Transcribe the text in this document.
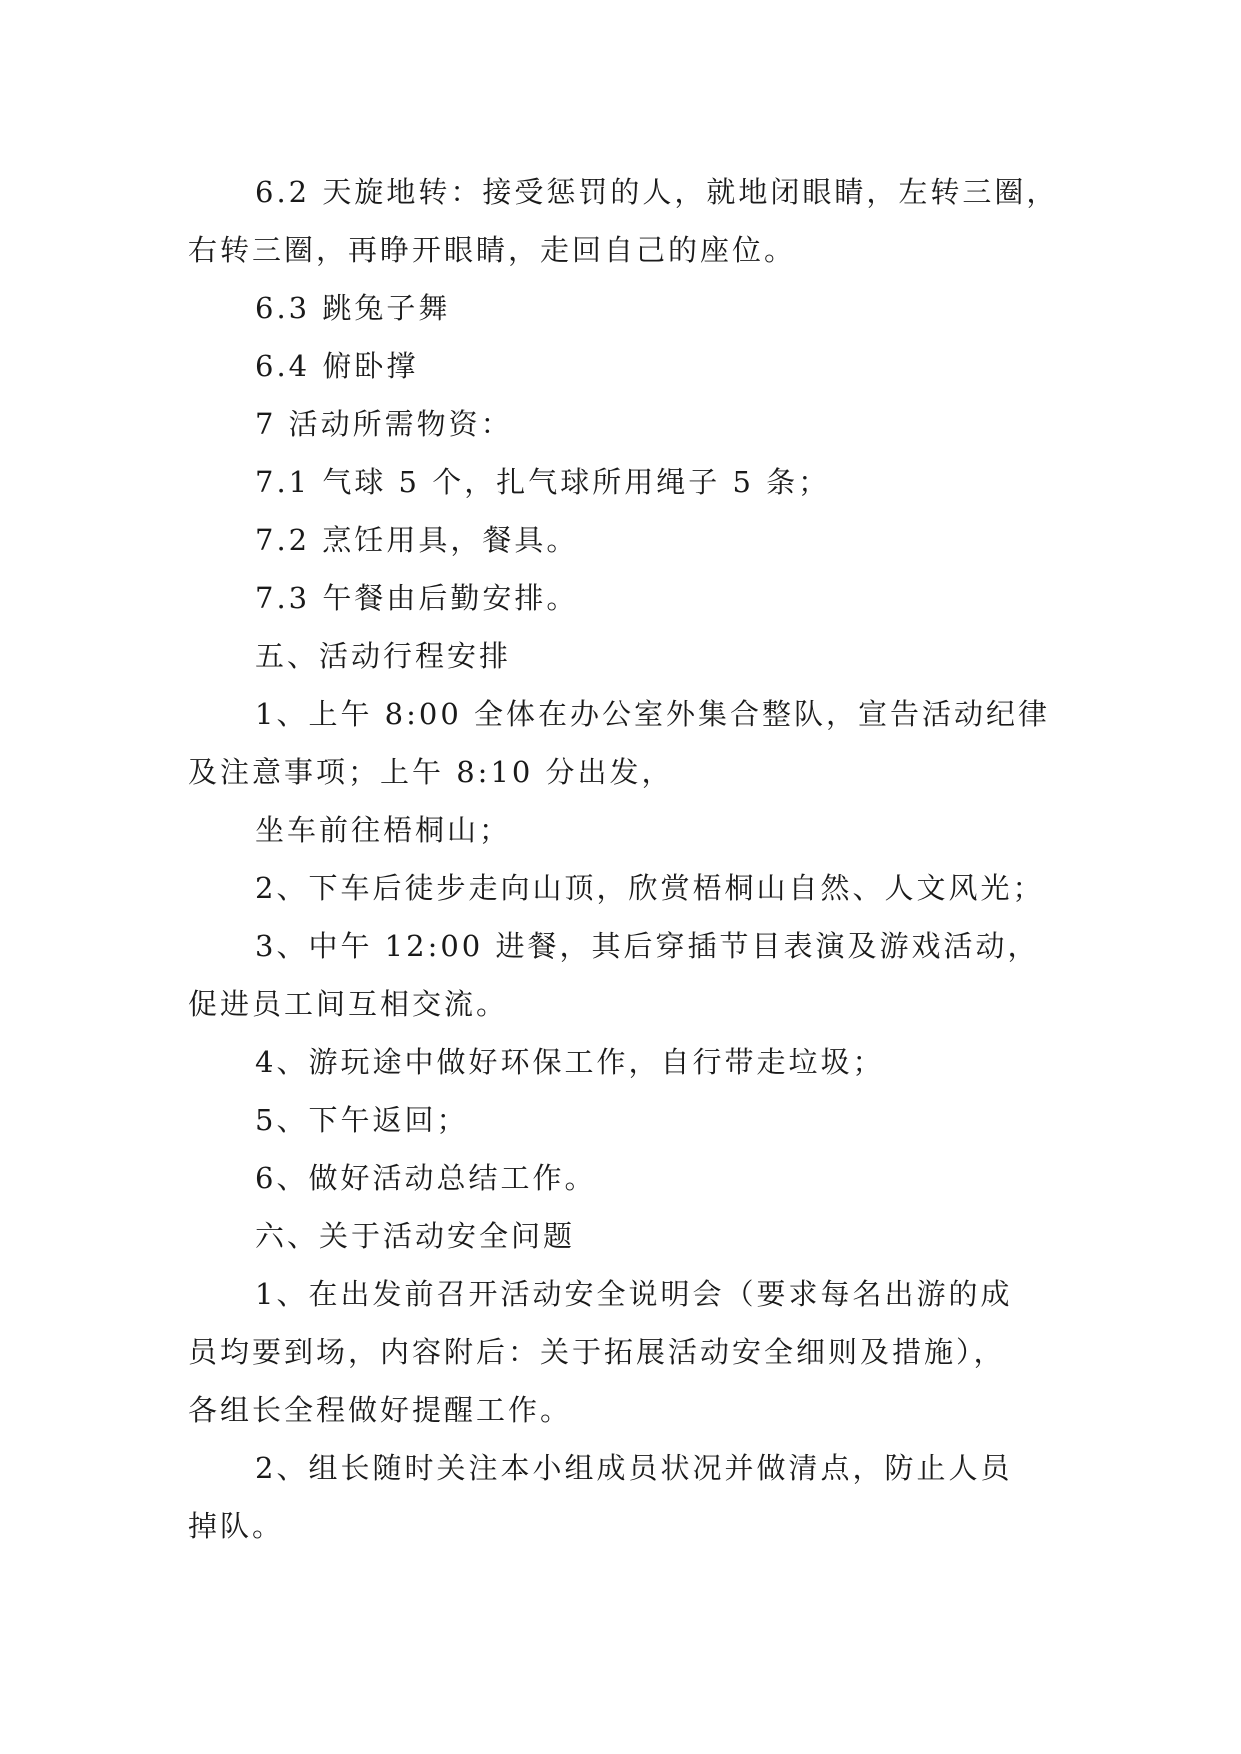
6.2 天旋地转：接受惩罚的人，就地闭眼睛，左转三圈，

右转三圈，再睁开眼睛，走回自己的座位。

6.3 跳兔子舞

6.4 俯卧撑

7 活动所需物资：

7.1 气球 5 个，扎气球所用绳子 5 条；

7.2 烹饪用具，餐具。

7.3 午餐由后勤安排。

五、活动行程安排

1、上午 8:00 全体在办公室外集合整队，宣告活动纪律

及注意事项；上午 8:10 分出发，

坐车前往梧桐山；

2、下车后徒步走向山顶，欣赏梧桐山自然、人文风光；

3、中午 12:00 进餐，其后穿插节目表演及游戏活动，

促进员工间互相交流。

4、游玩途中做好环保工作，自行带走垃圾；

5、下午返回；

6、做好活动总结工作。

六、关于活动安全问题

1、在出发前召开活动安全说明会（要求每名出游的成

员均要到场，内容附后：关于拓展活动安全细则及措施），

各组长全程做好提醒工作。

2、组长随时关注本小组成员状况并做清点，防止人员

掉队。
